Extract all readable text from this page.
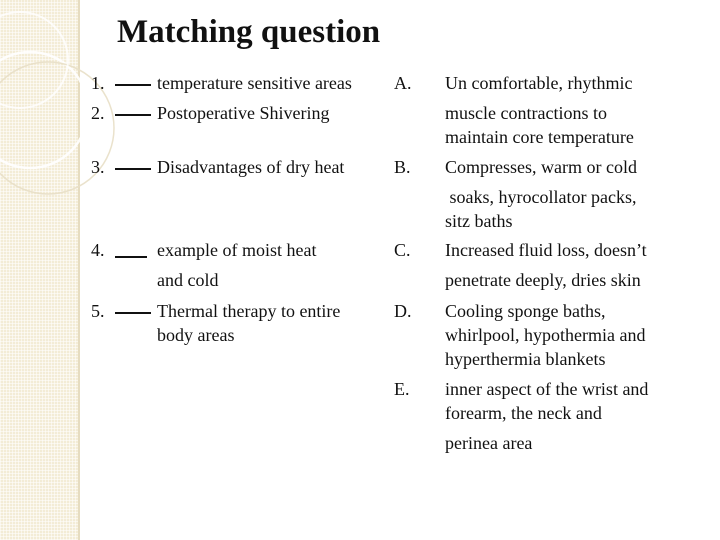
Matching question
1.
2.
3.
4.
5.
temperature sensitive areas
Postoperative Shivering
Disadvantages of dry heat
example of moist heat
and cold
Thermal therapy to entire
body areas
A.
B.
C.
D.
E.
Un comfortable, rhythmic
muscle contractions to
maintain core temperature
Compresses, warm or cold
soaks, hyrocollator packs,
sitz baths
Increased fluid loss, doesn’t
penetrate deeply, dries skin
Cooling sponge baths,
whirlpool, hypothermia and
hyperthermia blankets
inner aspect of the wrist and
forearm, the neck and
perinea area
